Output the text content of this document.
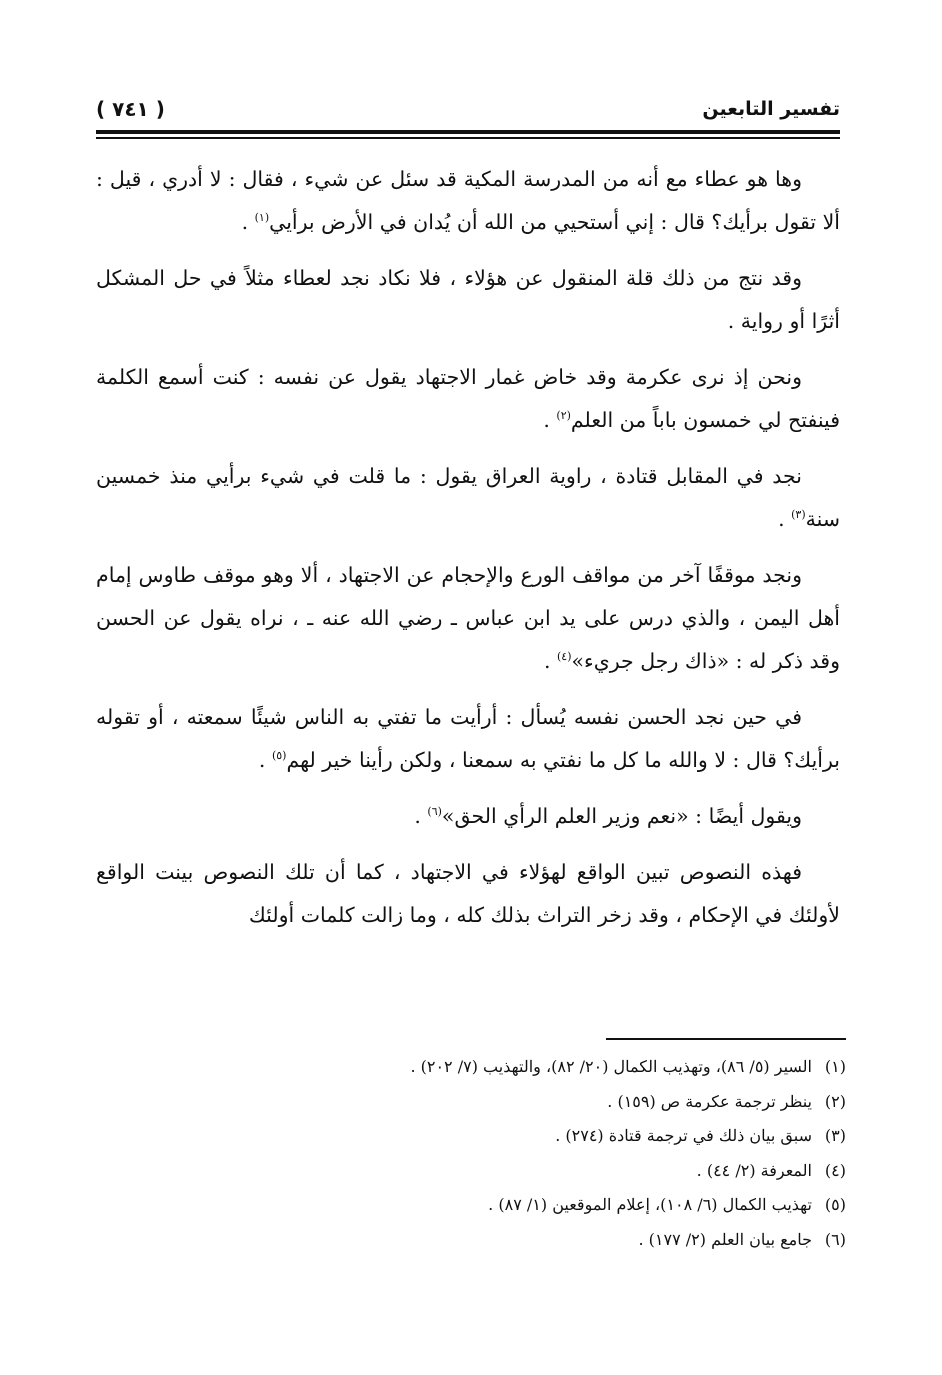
تفسير التابعين
( ٧٤١ )

وها هو عطاء مع أنه من المدرسة المكية قد سئل عن شيء ، فقال : لا أدري ، قيل : ألا تقول برأيك؟ قال : إني أستحيي من الله أن يُدان في الأرض برأيي$^{(١)}$ .

وقد نتج من ذلك قلة المنقول عن هؤلاء ، فلا نكاد نجد لعطاء مثلاً في حل المشكل أثرًا أو رواية .

ونحن إذ نرى عكرمة وقد خاض غمار الاجتهاد يقول عن نفسه : كنت أسمع الكلمة فينفتح لي خمسون باباً من العلم$^{(٢)}$ .

نجد في المقابل قتادة ، راوية العراق يقول : ما قلت في شيء برأيي منذ خمسين سنة$^{(٣)}$ .

ونجد موقفًا آخر من مواقف الورع والإحجام عن الاجتهاد ، ألا وهو موقف طاوس إمام أهل اليمن ، والذي درس على يد ابن عباس ـ رضي الله عنه ـ ، نراه يقول عن الحسن وقد ذكر له : «ذاك رجل جريء»$^{(٤)}$ .

في حين نجد الحسن نفسه يُسأل : أرأيت ما تفتي به الناس شيئًا سمعته ، أو تقوله برأيك؟ قال : لا والله ما كل ما نفتي به سمعنا ، ولكن رأينا خير لهم$^{(٥)}$ .

ويقول أيضًا : «نعم وزير العلم الرأي الحق»$^{(٦)}$ .

فهذه النصوص تبين الواقع لهؤلاء في الاجتهاد ، كما أن تلك النصوص بينت الواقع لأولئك في الإحكام ، وقد زخر التراث بذلك كله ، وما زالت كلمات أولئك

(١)السير (٥/ ٨٦)، وتهذيب الكمال (٢٠/ ٨٢)، والتهذيب (٧/ ٢٠٢) .

(٢)ينظر ترجمة عكرمة ص (١٥٩) .

(٣)سبق بيان ذلك في ترجمة قتادة (٢٧٤) .

(٤)المعرفة (٢/ ٤٤) .

(٥)تهذيب الكمال (٦/ ١٠٨)، إعلام الموقعين (١/ ٨٧) .

(٦)جامع بيان العلم (٢/ ١٧٧) .
